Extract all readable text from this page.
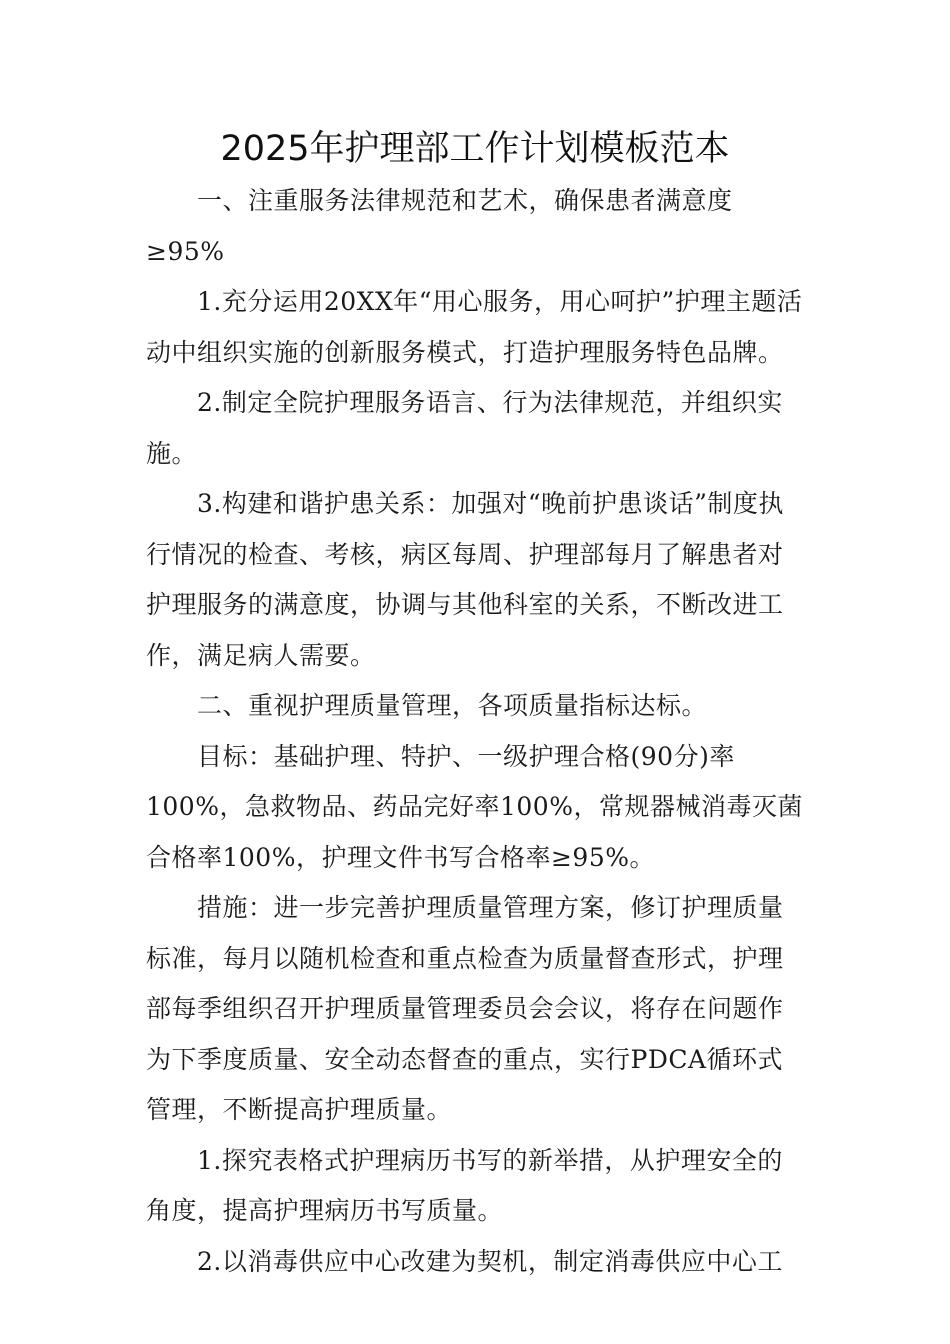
2025年护理部工作计划模板范本

一、注重服务法律规范和艺术，确保患者满意度≥95%

1.充分运用20XX年“用心服务，用心呵护”护理主题活动中组织实施的创新服务模式，打造护理服务特色品牌。

2.制定全院护理服务语言、行为法律规范，并组织实施。

3.构建和谐护患关系：加强对“晚前护患谈话”制度执行情况的检查、考核，病区每周、护理部每月了解患者对护理服务的满意度，协调与其他科室的关系，不断改进工作，满足病人需要。

二、重视护理质量管理，各项质量指标达标。

目标：基础护理、特护、一级护理合格(90分)率100%，急救物品、药品完好率100%，常规器械消毒灭菌合格率100%，护理文件书写合格率≥95%。

措施：进一步完善护理质量管理方案，修订护理质量标准，每月以随机检查和重点检查为质量督查形式，护理部每季组织召开护理质量管理委员会会议，将存在问题作为下季度质量、安全动态督查的重点，实行PDCA循环式管理，不断提高护理质量。

1.探究表格式护理病历书写的新举措，从护理安全的角度，提高护理病历书写质量。

2.以消毒供应中心改建为契机，制定消毒供应中心工
